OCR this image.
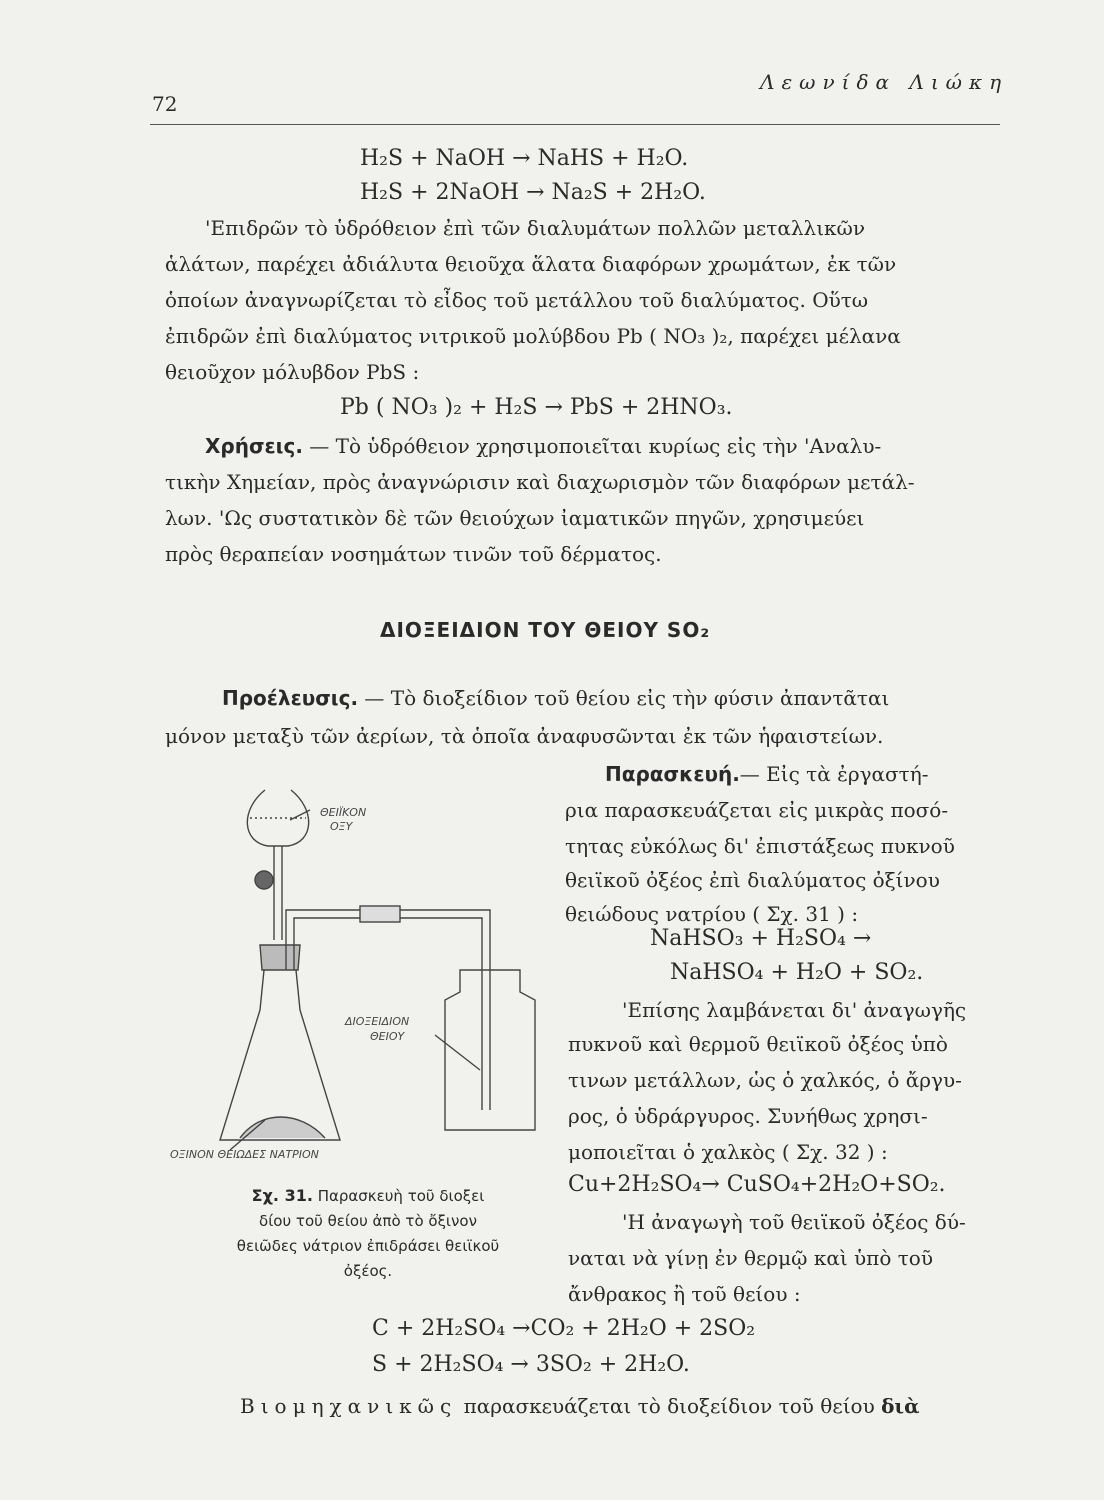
72
Λεωνίδα Λιώκη
H₂S + NaOH → NaHS + H₂O.
H₂S + 2NaOH → Na₂S + 2H₂O.
'Επιδρῶν τὸ ὑδρόθειον ἐπὶ τῶν διαλυμάτων πολλῶν μεταλλικῶν
ἁλάτων, παρέχει ἀδιάλυτα θειοῦχα ἅλατα διαφόρων χρωμάτων, ἐκ τῶν
ὁποίων ἀναγνωρίζεται τὸ εἶδος τοῦ μετάλλου τοῦ διαλύματος. Οὕτω
ἐπιδρῶν ἐπὶ διαλύματος νιτρικοῦ μολύβδου Pb ( NO₃ )₂, παρέχει μέλανα
θειοῦχον μόλυβδον PbS :
Pb ( NO₃ )₂ + H₂S → PbS + 2HNO₃.
Χρήσεις. — Τὸ ὑδρόθειον χρησιμοποιεῖται κυρίως εἰς τὴν 'Αναλυ-
τικὴν Χημείαν, πρὸς ἀναγνώρισιν καὶ διαχωρισμὸν τῶν διαφόρων μετάλ-
λων. 'Ως συστατικὸν δὲ τῶν θειούχων ἰαματικῶν πηγῶν, χρησιμεύει
πρὸς θεραπείαν νοσημάτων τινῶν τοῦ δέρματος.
ΔΙΟΞΕΙΔΙΟΝ ΤΟΥ ΘΕΙΟΥ SO₂
Προέλευσις. — Τὸ διοξείδιον τοῦ θείου εἰς τὴν φύσιν ἀπαντᾶται
μόνον μεταξὺ τῶν ἀερίων, τὰ ὁποῖα ἀναφυσῶνται ἐκ τῶν ἡφαιστείων.
Παρασκευή.— Εἰς τὰ ἐργαστή-
ρια παρασκευάζεται εἰς μικρὰς ποσό-
τητας εὐκόλως δι' ἐπιστάξεως πυκνοῦ
θειϊκοῦ ὀξέος ἐπὶ διαλύματος ὀξίνου
θειώδους νατρίου ( Σχ. 31 ) :
NaHSO₃ + H₂SO₄ →
NaHSO₄ + H₂O + SO₂.
'Επίσης λαμβάνεται δι' ἀναγωγῆς
πυκνοῦ καὶ θερμοῦ θειϊκοῦ ὀξέος ὑπὸ
τινων μετάλλων, ὡς ὁ χαλκός, ὁ ἄργυ-
ρος, ὁ ὑδράργυρος. Συνήθως χρησι-
μοποιεῖται ὁ χαλκὸς ( Σχ. 32 ) :
Cu+2H₂SO₄→ CuSO₄+2H₂O+SO₂.
'Η ἀναγωγὴ τοῦ θειϊκοῦ ὀξέος δύ-
ναται νὰ γίνῃ ἐν θερμῷ καὶ ὑπὸ τοῦ
ἄνθρακος ἢ τοῦ θείου :
C + 2H₂SO₄ →CO₂ + 2H₂O + 2SO₂
S + 2H₂SO₄ → 3SO₂ + 2H₂O.
Βιομηχανικῶς παρασκευάζεται τὸ διοξείδιον τοῦ θείου διὰ
ΘΕΙΪΚΟΝ
ΟΞΥ
ΔΙΟΞΕΙΔΙΟΝ
ΘΕΙΟΥ
ΟΞΙΝΟΝ ΘΕΙΩΔΕΣ ΝΑΤΡΙΟΝ
Σχ. 31. Παρασκευὴ τοῦ διοξει
δίου τοῦ θείου ἀπὸ τὸ ὄξινον
θειῶδες νάτριον ἐπιδράσει θειϊκοῦ
ὀξέος.
